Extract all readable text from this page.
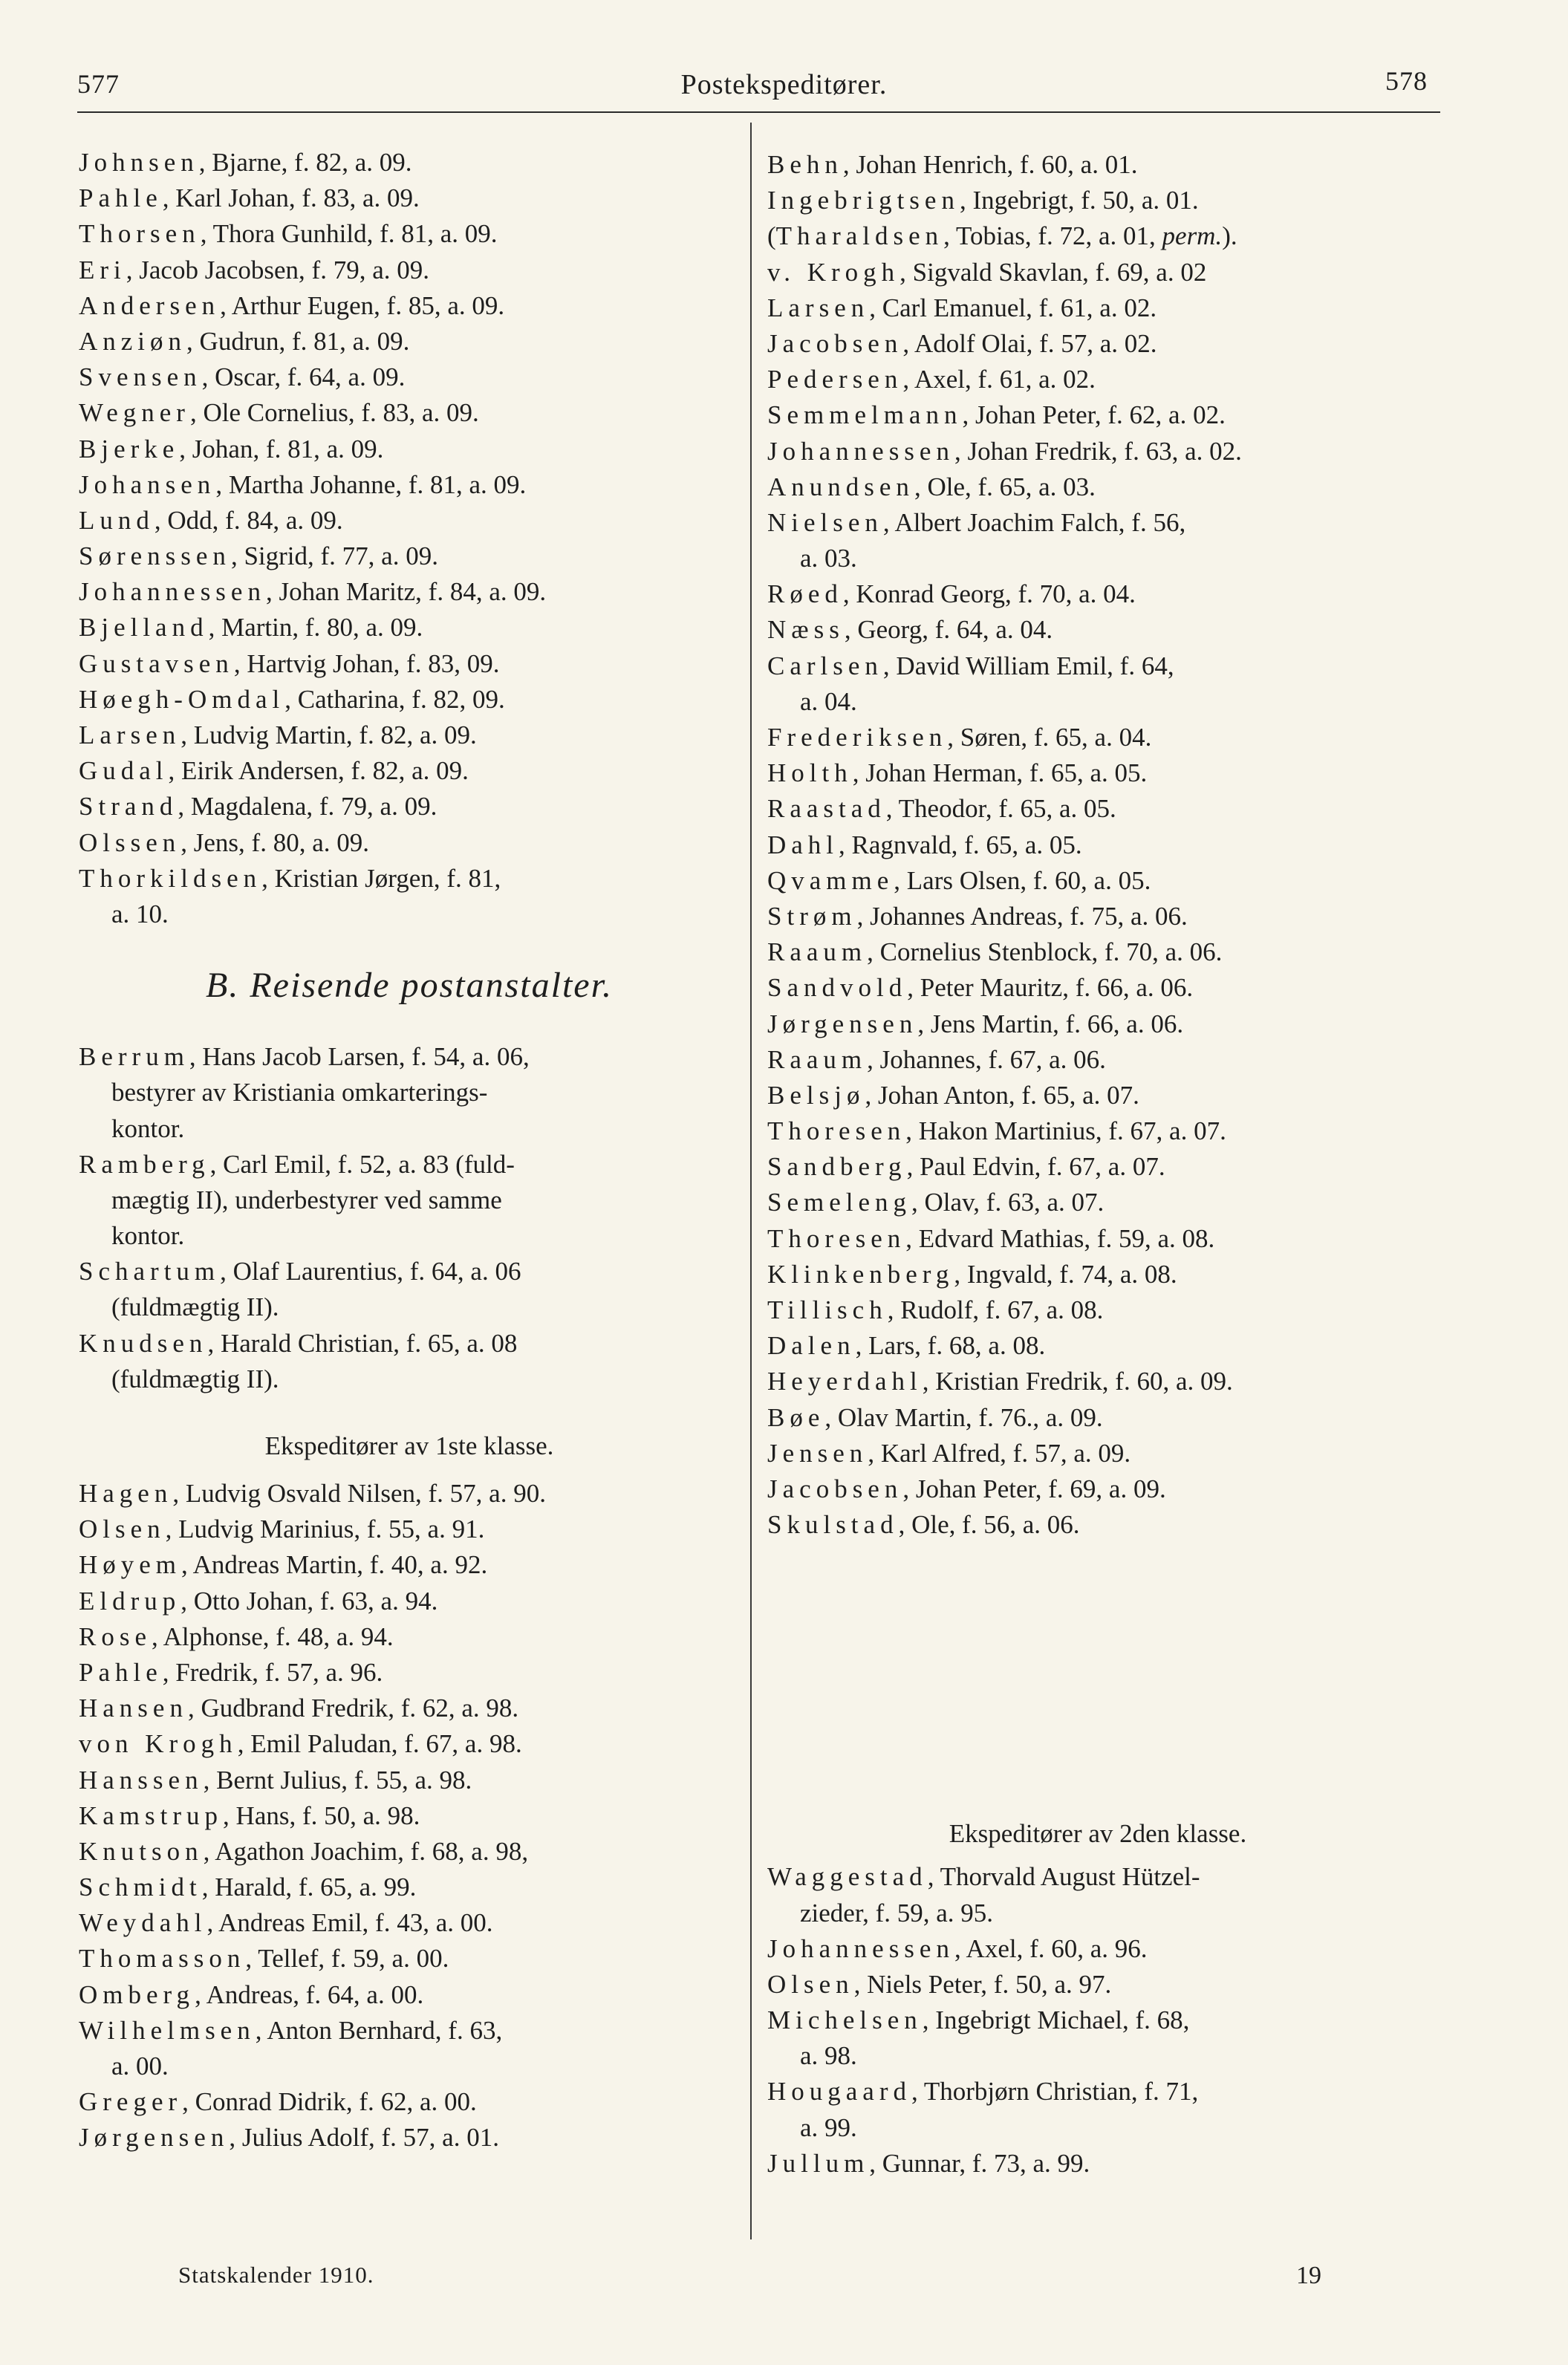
577	Postekspeditører.	578
Johnsen, Bjarne, f. 82, a. 09.
Pahle, Karl Johan, f. 83, a. 09.
Thorsen, Thora Gunhild, f. 81, a. 09.
Eri, Jacob Jacobsen, f. 79, a. 09.
Andersen, Arthur Eugen, f. 85, a. 09.
Anziøn, Gudrun, f. 81, a. 09.
Svensen, Oscar, f. 64, a. 09.
Wegner, Ole Cornelius, f. 83, a. 09.
Bjerke, Johan, f. 81, a. 09.
Johansen, Martha Johanne, f. 81, a. 09.
Lund, Odd, f. 84, a. 09.
Sørenssen, Sigrid, f. 77, a. 09.
Johannessen, Johan Maritz, f. 84, a. 09.
Bjelland, Martin, f. 80, a. 09.
Gustavsen, Hartvig Johan, f. 83, 09.
Høegh-Omdal, Catharina, f. 82, 09.
Larsen, Ludvig Martin, f. 82, a. 09.
Gudal, Eirik Andersen, f. 82, a. 09.
Strand, Magdalena, f. 79, a. 09.
Olssen, Jens, f. 80, a. 09.
Thorkildsen, Kristian Jørgen, f. 81,
a. 10.
B. Reisende postanstalter.
Berrum, Hans Jacob Larsen, f. 54, a. 06,
bestyrer av Kristiania omkarterings-
kontor.
Ramberg, Carl Emil, f. 52, a. 83 (fuld-
mægtig II), underbestyrer ved samme
kontor.
Schartum, Olaf Laurentius, f. 64, a. 06
(fuldmægtig II).
Knudsen, Harald Christian, f. 65, a. 08
(fuldmægtig II).
Ekspeditører av 1ste klasse.
Hagen, Ludvig Osvald Nilsen, f. 57, a. 90.
Olsen, Ludvig Marinius, f. 55, a. 91.
Høyem, Andreas Martin, f. 40, a. 92.
Eldrup, Otto Johan, f. 63, a. 94.
Rose, Alphonse, f. 48, a. 94.
Pahle, Fredrik, f. 57, a. 96.
Hansen, Gudbrand Fredrik, f. 62, a. 98.
von Krogh, Emil Paludan, f. 67, a. 98.
Hanssen, Bernt Julius, f. 55, a. 98.
Kamstrup, Hans, f. 50, a. 98.
Knutson, Agathon Joachim, f. 68, a. 98,
Schmidt, Harald, f. 65, a. 99.
Weydahl, Andreas Emil, f. 43, a. 00.
Thomasson, Tellef, f. 59, a. 00.
Omberg, Andreas, f. 64, a. 00.
Wilhelmsen, Anton Bernhard, f. 63,
a. 00.
Greger, Conrad Didrik, f. 62, a. 00.
Jørgensen, Julius Adolf, f. 57, a. 01.
Behn, Johan Henrich, f. 60, a. 01.
Ingebrigtsen, Ingebrigt, f. 50, a. 01.
(Tharaldsen, Tobias, f. 72, a. 01, perm.).
v. Krogh, Sigvald Skavlan, f. 69, a. 02
Larsen, Carl Emanuel, f. 61, a. 02.
Jacobsen, Adolf Olai, f. 57, a. 02.
Pedersen, Axel, f. 61, a. 02.
Semmelmann, Johan Peter, f. 62, a. 02.
Johannessen, Johan Fredrik, f. 63, a. 02.
Anundsen, Ole, f. 65, a. 03.
Nielsen, Albert Joachim Falch, f. 56,
a. 03.
Røed, Konrad Georg, f. 70, a. 04.
Næss, Georg, f. 64, a. 04.
Carlsen, David William Emil, f. 64,
a. 04.
Frederiksen, Søren, f. 65, a. 04.
Holth, Johan Herman, f. 65, a. 05.
Raastad, Theodor, f. 65, a. 05.
Dahl, Ragnvald, f. 65, a. 05.
Qvamme, Lars Olsen, f. 60, a. 05.
Strøm, Johannes Andreas, f. 75, a. 06.
Raaum, Cornelius Stenblock, f. 70, a. 06.
Sandvold, Peter Mauritz, f. 66, a. 06.
Jørgensen, Jens Martin, f. 66, a. 06.
Raaum, Johannes, f. 67, a. 06.
Belsjø, Johan Anton, f. 65, a. 07.
Thoresen, Hakon Martinius, f. 67, a. 07.
Sandberg, Paul Edvin, f. 67, a. 07.
Semeleng, Olav, f. 63, a. 07.
Thoresen, Edvard Mathias, f. 59, a. 08.
Klinkenberg, Ingvald, f. 74, a. 08.
Tillisch, Rudolf, f. 67, a. 08.
Dalen, Lars, f. 68, a. 08.
Heyerdahl, Kristian Fredrik, f. 60, a. 09.
Bøe, Olav Martin, f. 76., a. 09.
Jensen, Karl Alfred, f. 57, a. 09.
Jacobsen, Johan Peter, f. 69, a. 09.
Skulstad, Ole, f. 56, a. 06.
Ekspeditører av 2den klasse.
Waggestad, Thorvald August Hützel-
zieder, f. 59, a. 95.
Johannessen, Axel, f. 60, a. 96.
Olsen, Niels Peter, f. 50, a. 97.
Michelsen, Ingebrigt Michael, f. 68,
a. 98.
Hougaard, Thorbjørn Christian, f. 71,
a. 99.
Jullum, Gunnar, f. 73, a. 99.
Statskalender 1910.	19
